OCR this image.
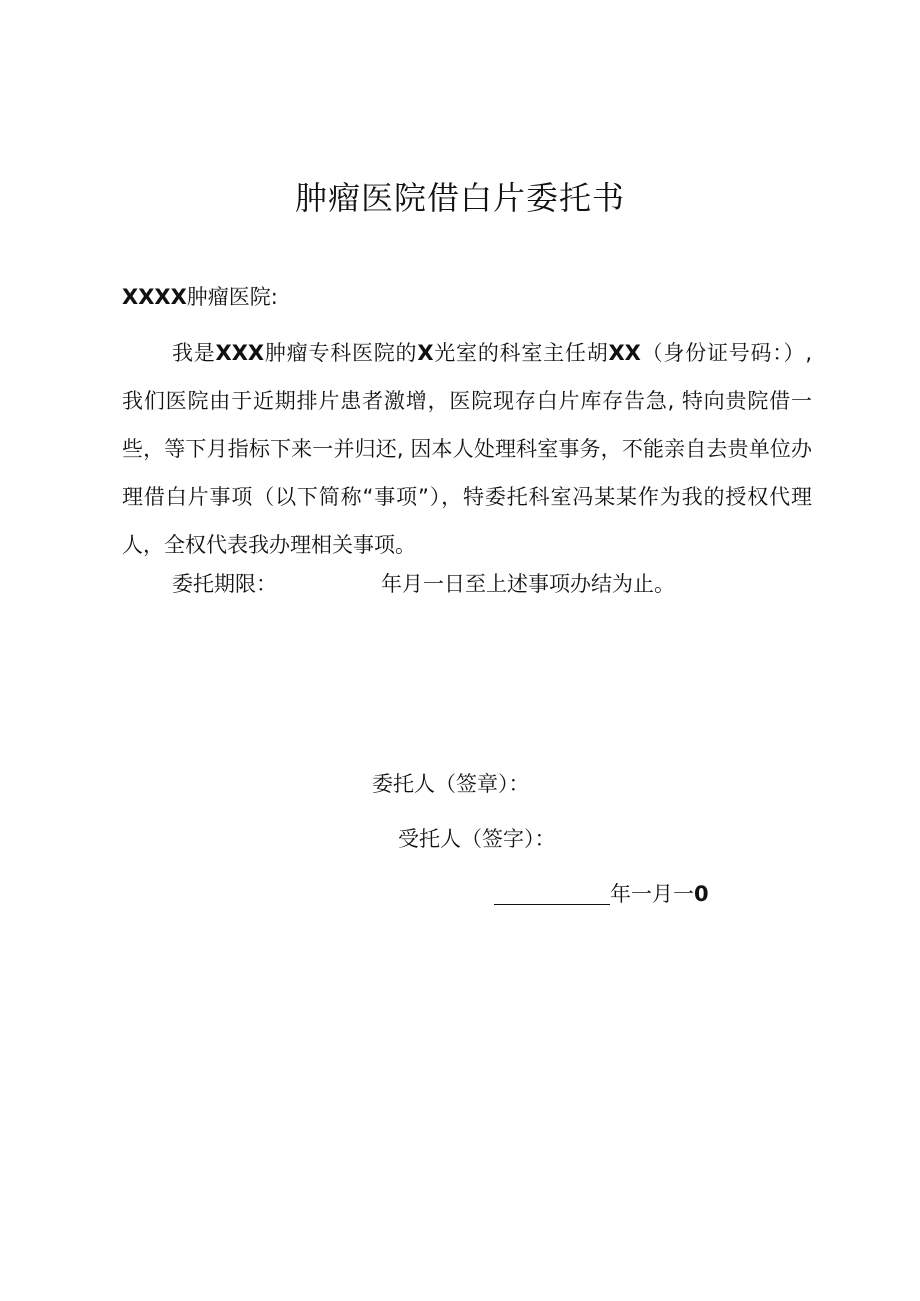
肿瘤医院借白片委托书
XXXX肿瘤医院:

我是XXX肿瘤专科医院的X光室的科室主任胡XX（身份证号码：）, 我们医院由于近期排片患者激增，医院现存白片库存告急, 特向贵院借一些，等下月指标下来一并归还, 因本人处理科室事务，不能亲自去贵单位办理借白片事项（以下简称“事项”），特委托科室冯某某作为我的授权代理人，全权代表我办理相关事项。

委托期限：	年月一日至上述事项办结为止。
委托人（签章）：
受托人（签字）：
年一月一0
